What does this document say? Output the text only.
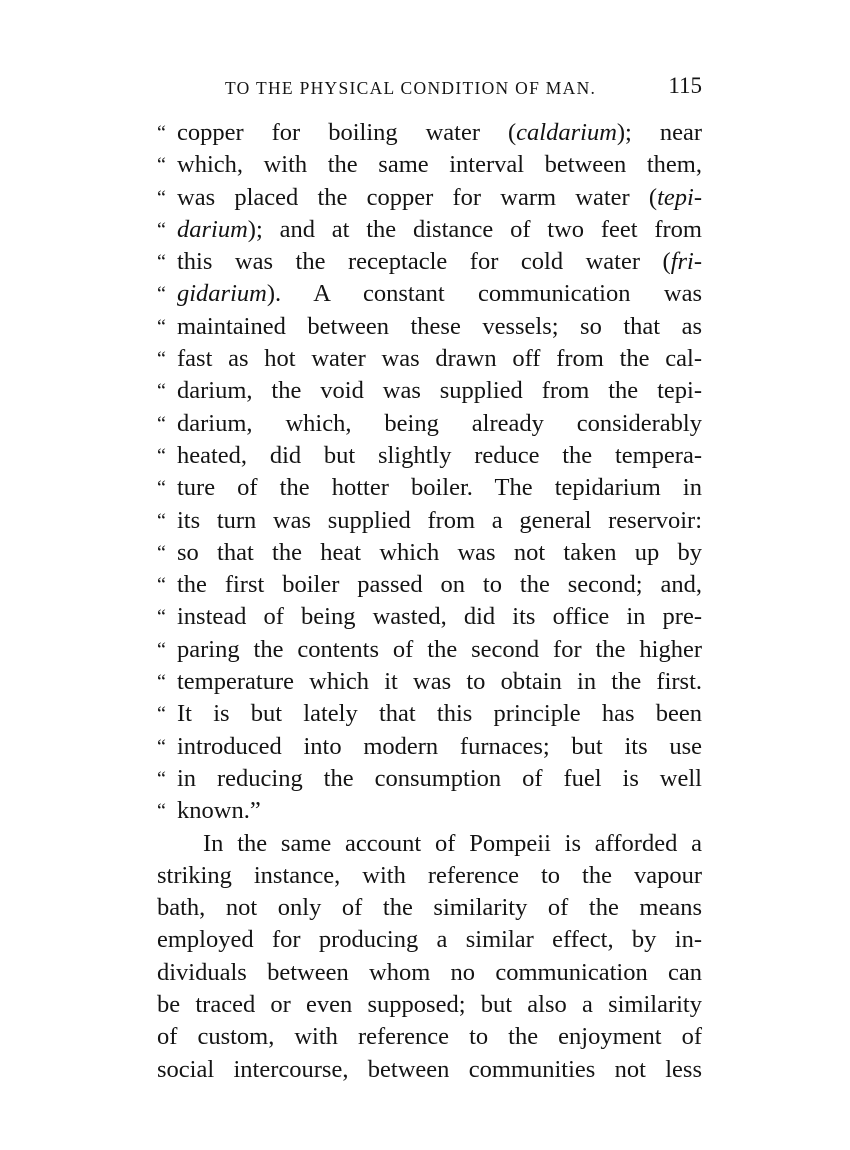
TO THE PHYSICAL CONDITION OF MAN.	115
“ copper for boiling water (caldarium); near
“ which, with the same interval between them,
“ was placed the copper for warm water (tepi-
“ darium); and at the distance of two feet from
“ this was the receptacle for cold water (fri-
“ gidarium). A constant communication was
“ maintained between these vessels; so that as
“ fast as hot water was drawn off from the cal-
“ darium, the void was supplied from the tepi-
“ darium, which, being already considerably
“ heated, did but slightly reduce the tempera-
“ ture of the hotter boiler. The tepidarium in
“ its turn was supplied from a general reservoir:
“ so that the heat which was not taken up by
“ the first boiler passed on to the second; and,
“ instead of being wasted, did its office in pre-
“ paring the contents of the second for the higher
“ temperature which it was to obtain in the first.
“ It is but lately that this principle has been
“ introduced into modern furnaces; but its use
“ in reducing the consumption of fuel is well
“ known.”
In the same account of Pompeii is afforded a
striking instance, with reference to the vapour
bath, not only of the similarity of the means
employed for producing a similar effect, by in-
dividuals between whom no communication can
be traced or even supposed; but also a similarity
of custom, with reference to the enjoyment of
social intercourse, between communities not less
